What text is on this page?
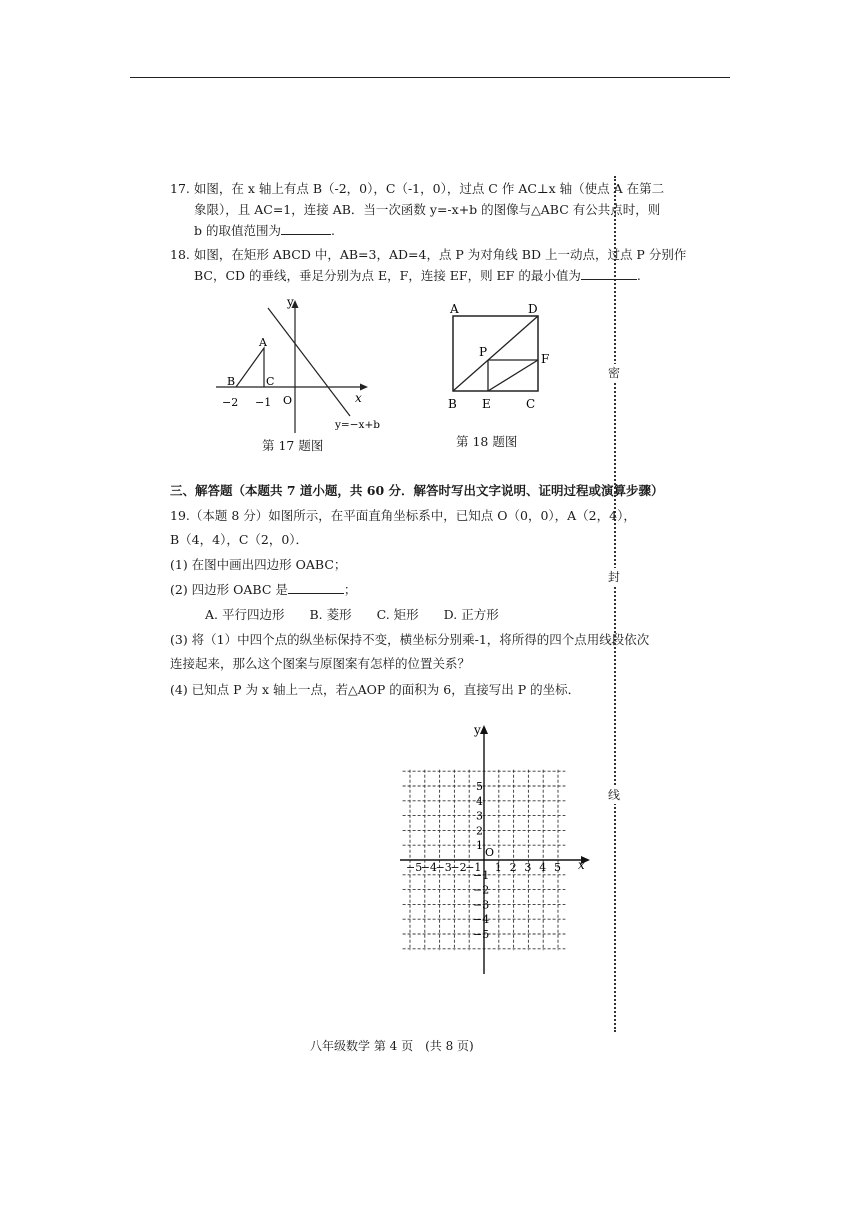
密
封
线
17. 如图，在 x 轴上有点 B（-2，0），C（-1，0），过点 C 作 AC⊥x 轴（使点 A 在第二
象限），且 AC=1，连接 AB．当一次函数 y=-x+b 的图像与△ABC 有公共点时，则
b 的取值范围为	.
18. 如图，在矩形 ABCD 中，AB=3，AD=4，点 P 为对角线 BD 上一动点，过点 P 分别作
BC，CD 的垂线，垂足分别为点 E，F，连接 EF，则 EF 的最小值为	.
y
x
O
A
B	C
−2 −1
y=−x+b
第 17 题图
A	D
B	C
E
F
P
第 18 题图
三、解答题（本题共 7 道小题，共 60 分．解答时写出文字说明、证明过程或演算步骤）
19.（本题 8 分）如图所示，在平面直角坐标系中，已知点 O（0，0），A（2，4），
B（4，4），C（2，0）．
(1) 在图中画出四边形 OABC；
(2) 四边形 OABC 是	；
A. 平行四边形　　B. 菱形　　C. 矩形　　D. 正方形
(3) 将（1）中四个点的纵坐标保持不变，横坐标分别乘-1，将所得的四个点用线段依次
连接起来，那么这个图案与原图案有怎样的位置关系？
(4) 已知点 P 为 x 轴上一点，若△AOP 的面积为 6，直接写出 P 的坐标．
y
x
O
−5
−4
−3
−2
−1 1 2 3 4 5
5
4
3
2
1
−1
−2
−3
−4
−5
八年级数学 第 4 页　(共 8 页)
